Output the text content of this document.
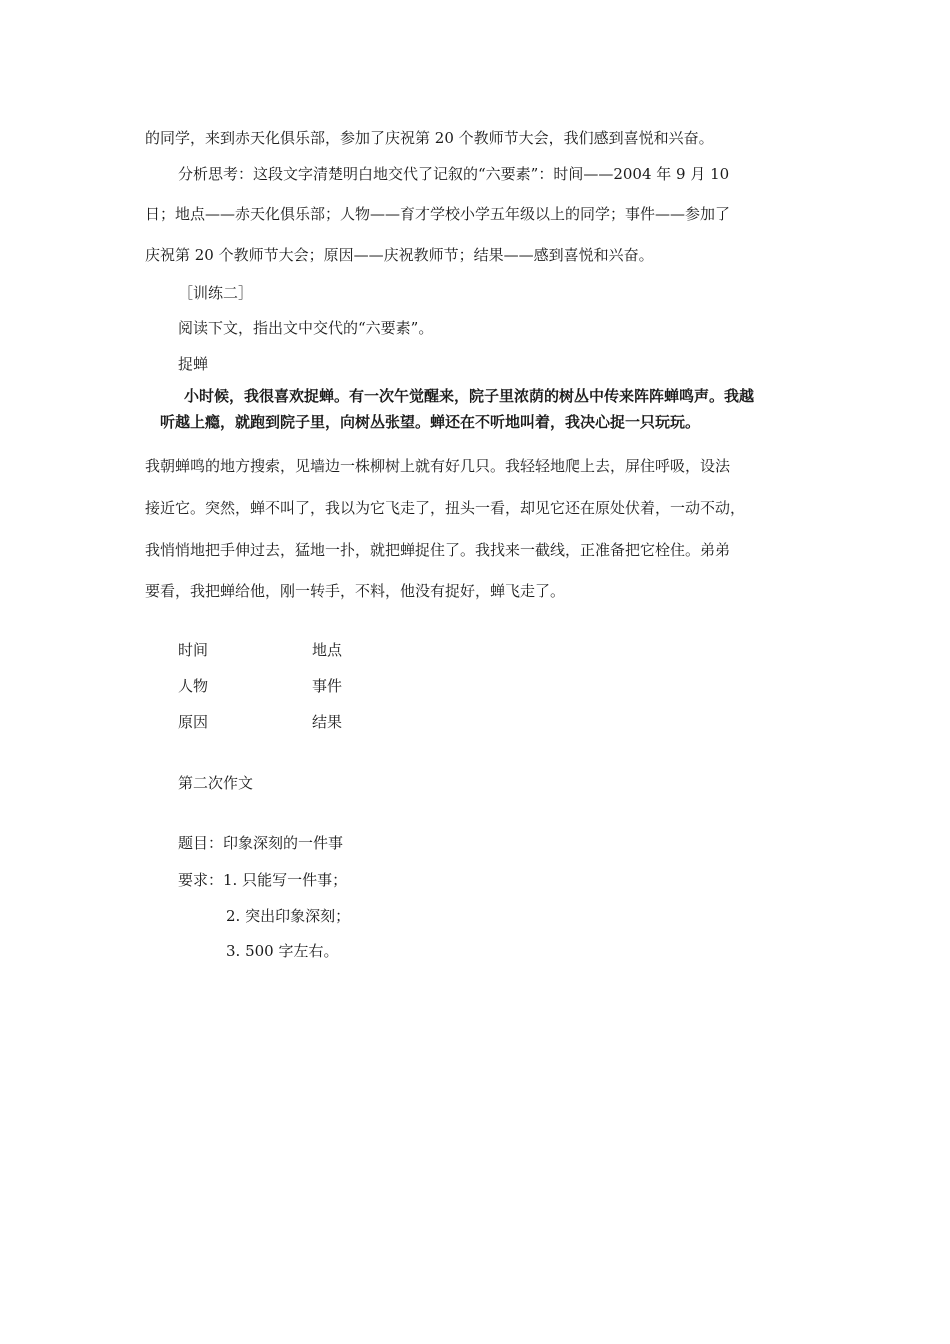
的同学，来到赤天化俱乐部，参加了庆祝第 20 个教师节大会，我们感到喜悦和兴奋。
分析思考：这段文字清楚明白地交代了记叙的“六要素”：时间——2004 年 9 月 10
日；地点——赤天化俱乐部；人物——育才学校小学五年级以上的同学；事件——参加了
庆祝第 20 个教师节大会；原因——庆祝教师节；结果——感到喜悦和兴奋。
［训练二］
阅读下文，指出文中交代的“六要素”。
捉蝉
小时候，我很喜欢捉蝉。有一次午觉醒来，院子里浓荫的树丛中传来阵阵蝉鸣声。我越
听越上瘾，就跑到院子里，向树丛张望。蝉还在不听地叫着，我决心捉一只玩玩。
我朝蝉鸣的地方搜索，见墙边一株柳树上就有好几只。我轻轻地爬上去，屏住呼吸，设法
接近它。突然，蝉不叫了，我以为它飞走了，扭头一看，却见它还在原处伏着，一动不动，
我悄悄地把手伸过去，猛地一扑，就把蝉捉住了。我找来一截线，正准备把它栓住。弟弟
要看，我把蝉给他，刚一转手，不料，他没有捉好，蝉飞走了。
时间	地点
人物	事件
原因	结果
第二次作文
题目：印象深刻的一件事
要求：1. 只能写一件事；
2. 突出印象深刻；
3. 500 字左右。
